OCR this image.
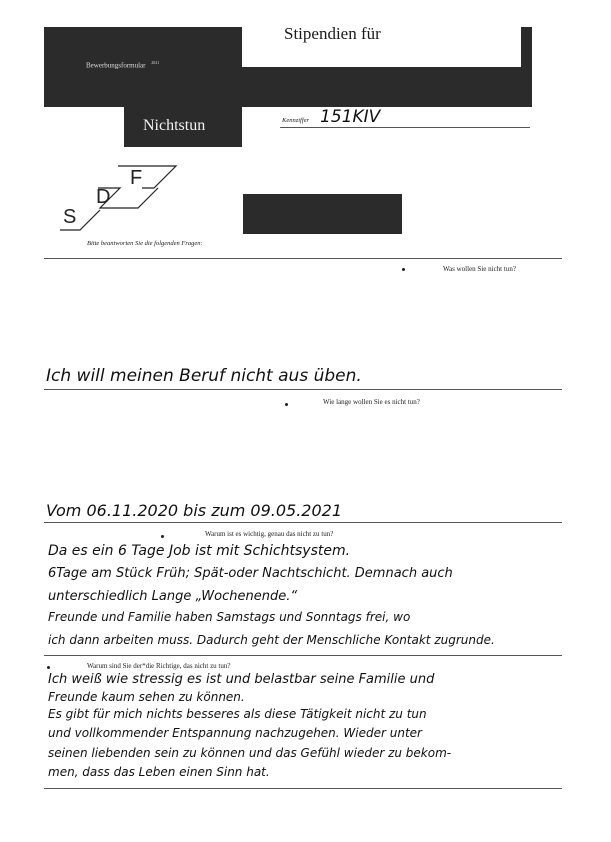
Bewerbungsformular $^{2021}$
Stipendien für
Nichtstun	Kennziffer 151KIV
S
D
F
Bitte beantworten Sie die folgenden Fragen:
Was wollen Sie nicht tun?
Ich will meinen Beruf nicht aus üben.
Wie lange wollen Sie es nicht tun?
Vom 06.11.2020 bis zum 09.05.2021
Warum ist es wichtig, genau das nicht zu tun?
Da es ein 6 Tage Job ist mit Schichtsystem.
6Tage am Stück Früh; Spät-oder Nachtschicht. Demnach auch
unterschiedlich Lange „Wochenende.“
Freunde und Familie haben Samstags und Sonntags frei, wo
ich dann arbeiten muss. Dadurch geht der Menschliche Kontakt zugrunde.
Warum sind Sie der*die Richtige, das nicht zu tun?
Ich weiß wie stressig es ist und belastbar seine Familie und
Freunde kaum sehen zu können.
Es gibt für mich nichts besseres als diese Tätigkeit nicht zu tun
und vollkommender Entspannung nachzugehen. Wieder unter
seinen liebenden sein zu können und das Gefühl wieder zu bekom-
men, dass das Leben einen Sinn hat.
